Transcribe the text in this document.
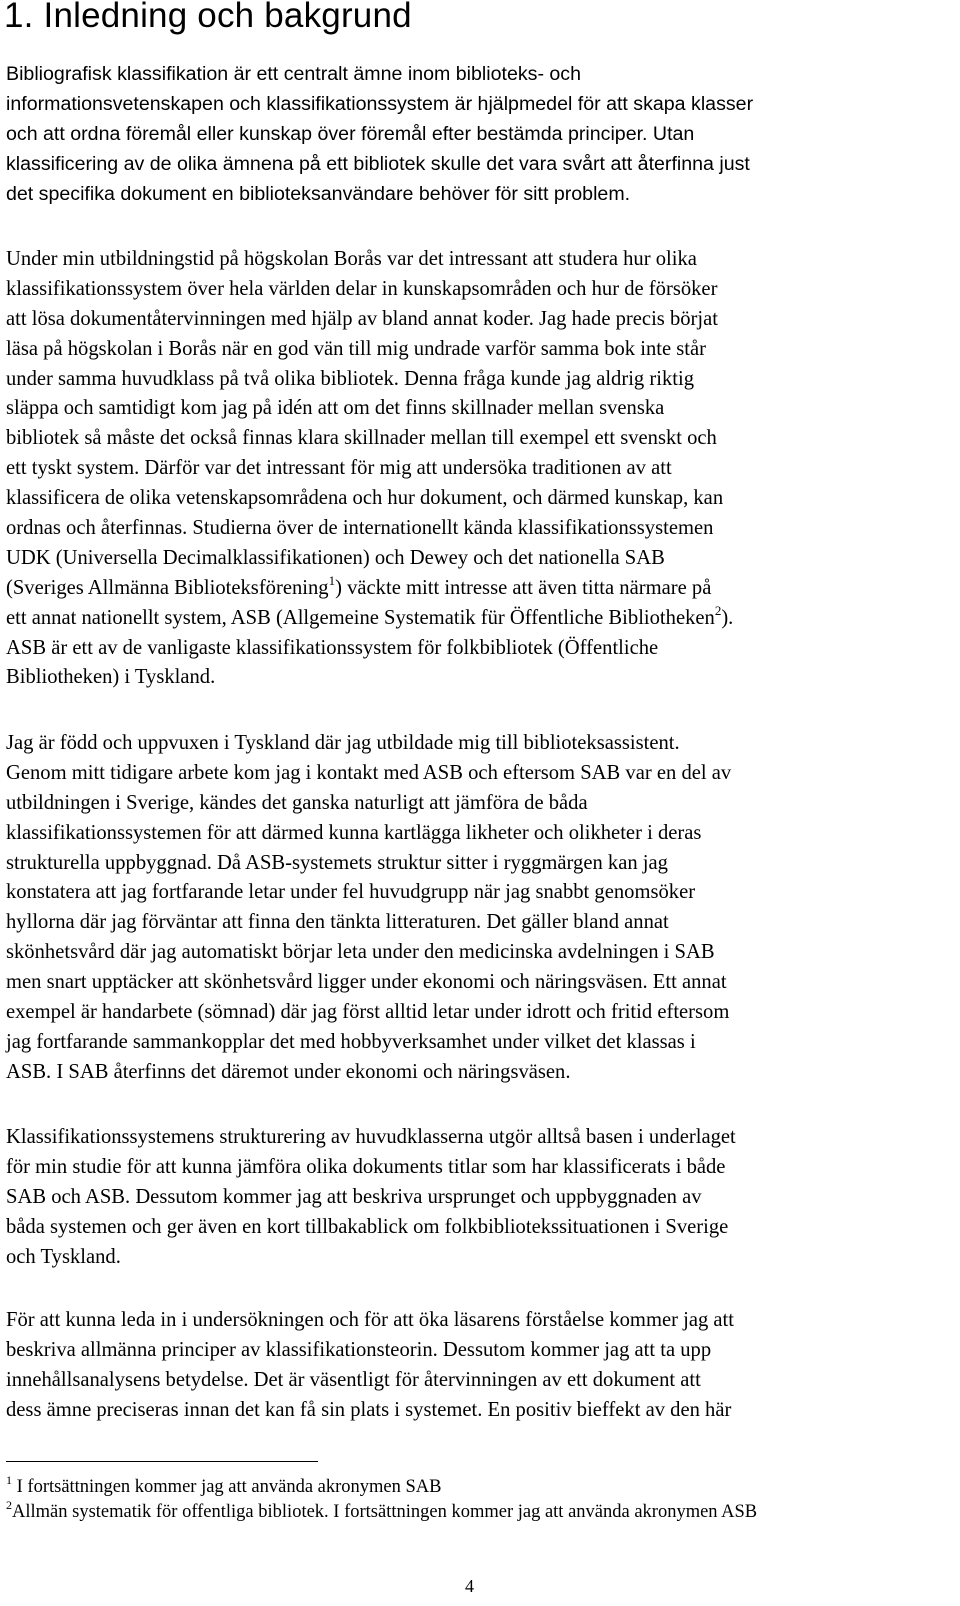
1. Inledning och bakgrund
Bibliografisk klassifikation är ett centralt ämne inom biblioteks- och
informationsvetenskapen och klassifikationssystem är hjälpmedel för att skapa klasser
och att ordna föremål eller kunskap över föremål efter bestämda principer. Utan
klassificering av de olika ämnena på ett bibliotek skulle det vara svårt att återfinna just
det specifika dokument en biblioteksanvändare behöver för sitt problem.
Under min utbildningstid på högskolan Borås var det intressant att studera hur olika
klassifikationssystem över hela världen delar in kunskapsområden och hur de försöker
att lösa dokumentåtervinningen med hjälp av bland annat koder. Jag hade precis börjat
läsa på högskolan i Borås när en god vän till mig undrade varför samma bok inte står
under samma huvudklass på två olika bibliotek. Denna fråga kunde jag aldrig riktig
släppa och samtidigt kom jag på idén att om det finns skillnader mellan svenska
bibliotek så måste det också finnas klara skillnader mellan till exempel ett svenskt och
ett tyskt system. Därför var det intressant för mig att undersöka traditionen av att
klassificera de olika vetenskapsområdena och hur dokument, och därmed kunskap, kan
ordnas och återfinnas. Studierna över de internationellt kända klassifikationssystemen
UDK (Universella Decimalklassifikationen) och Dewey och det nationella SAB
(Sveriges Allmänna Biblioteksförening$^1$) väckte mitt intresse att även titta närmare på
ett annat nationellt system, ASB (Allgemeine Systematik für Öffentliche Bibliotheken$^2$).
ASB är ett av de vanligaste klassifikationssystem för folkbibliotek (Öffentliche
Bibliotheken) i Tyskland.
Jag är född och uppvuxen i Tyskland där jag utbildade mig till biblioteksassistent.
Genom mitt tidigare arbete kom jag i kontakt med ASB och eftersom SAB var en del av
utbildningen i Sverige, kändes det ganska naturligt att jämföra de båda
klassifikationssystemen för att därmed kunna kartlägga likheter och olikheter i deras
strukturella uppbyggnad. Då ASB-systemets struktur sitter i ryggmärgen kan jag
konstatera att jag fortfarande letar under fel huvudgrupp när jag snabbt genomsöker
hyllorna där jag förväntar att finna den tänkta litteraturen. Det gäller bland annat
skönhetsvård där jag automatiskt börjar leta under den medicinska avdelningen i SAB
men snart upptäcker att skönhetsvård ligger under ekonomi och näringsväsen. Ett annat
exempel är handarbete (sömnad) där jag först alltid letar under idrott och fritid eftersom
jag fortfarande sammankopplar det med hobbyverksamhet under vilket det klassas i
ASB. I SAB återfinns det däremot under ekonomi och näringsväsen.
Klassifikationssystemens strukturering av huvudklasserna utgör alltså basen i underlaget
för min studie för att kunna jämföra olika dokuments titlar som har klassificerats i både
SAB och ASB. Dessutom kommer jag att beskriva ursprunget och uppbyggnaden av
båda systemen och ger även en kort tillbakablick om folkbibliotekssituationen i Sverige
och Tyskland.
För att kunna leda in i undersökningen och för att öka läsarens förståelse kommer jag att
beskriva allmänna principer av klassifikationsteorin. Dessutom kommer jag att ta upp
innehållsanalysens betydelse. Det är väsentligt för återvinningen av ett dokument att
dess ämne preciseras innan det kan få sin plats i systemet. En positiv bieffekt av den här
$^1$ I fortsättningen kommer jag att använda akronymen SAB
$^2$Allmän systematik för offentliga bibliotek. I fortsättningen kommer jag att använda akronymen ASB
4
